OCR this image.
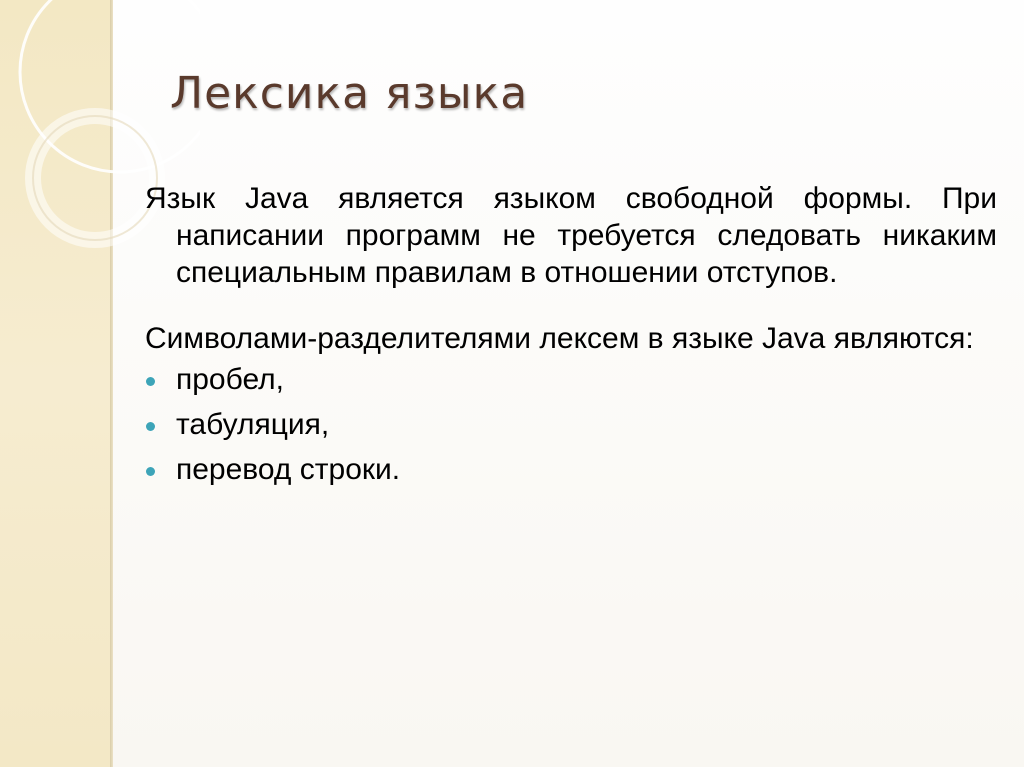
Лексика языка

Язык Java является языком свободной формы. При написании программ не требуется следовать никаким специальным правилам в отношении отступов.

Символами-разделителями лексем в языке Java являются:

пробел,
табуляция,
перевод строки.
